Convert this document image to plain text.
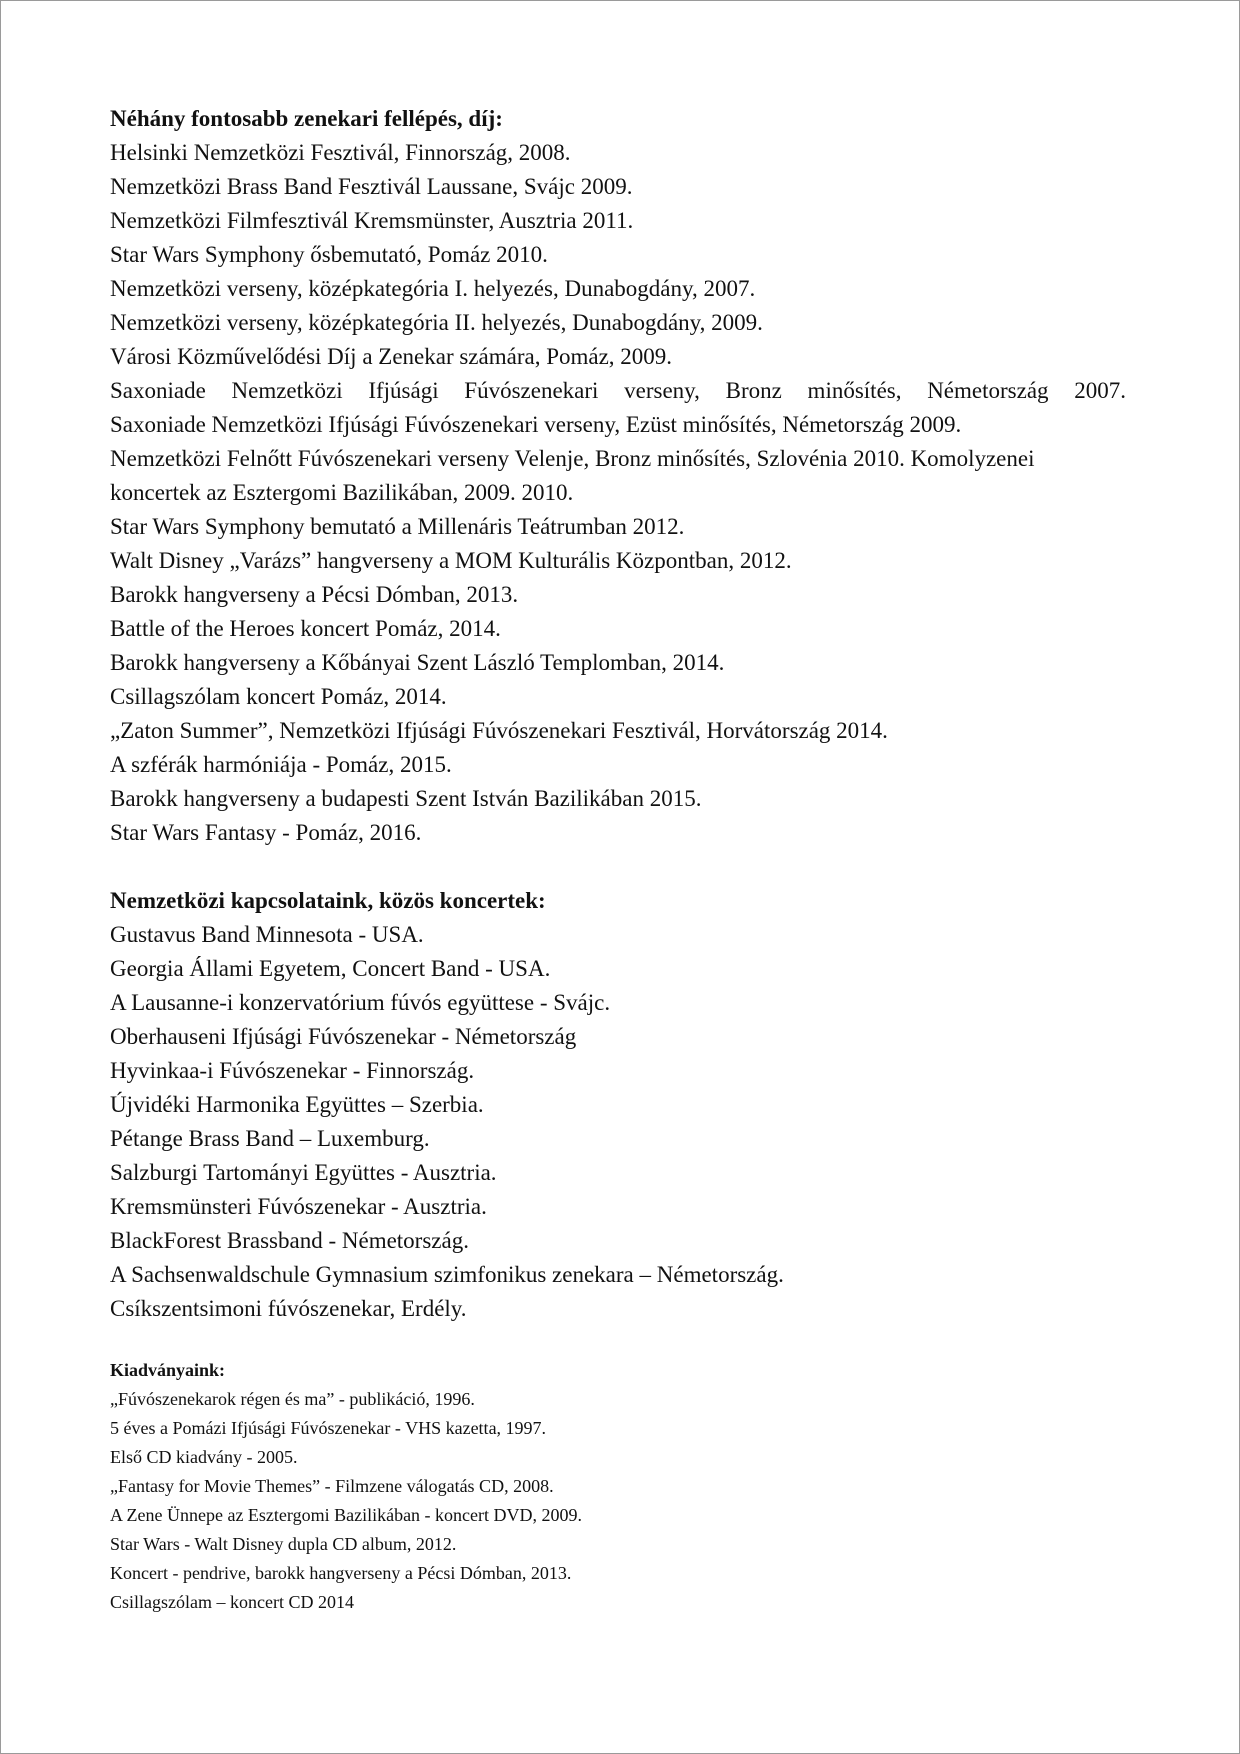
Néhány fontosabb zenekari fellépés, díj:
Helsinki Nemzetközi Fesztivál, Finnország, 2008.
Nemzetközi Brass Band Fesztivál Laussane, Svájc 2009.
Nemzetközi Filmfesztivál Kremsmünster, Ausztria 2011.
Star Wars Symphony ősbemutató, Pomáz 2010.
Nemzetközi verseny, középkategória I. helyezés, Dunabogdány, 2007.
Nemzetközi verseny, középkategória II. helyezés, Dunabogdány, 2009.
Városi Közművelődési Díj a Zenekar számára, Pomáz, 2009.
Saxoniade Nemzetközi Ifjúsági Fúvószenekari verseny, Bronz minősítés, Németország 2007.
Saxoniade Nemzetközi Ifjúsági Fúvószenekari verseny, Ezüst minősítés, Németország 2009.
Nemzetközi Felnőtt Fúvószenekari verseny Velenje, Bronz minősítés, Szlovénia 2010. Komolyzenei koncertek az Esztergomi Bazilikában, 2009. 2010.
Star Wars Symphony bemutató a Millenáris Teátrumban 2012.
Walt Disney „Varázs” hangverseny a MOM Kulturális Központban, 2012.
Barokk hangverseny a Pécsi Dómban, 2013.
Battle of the Heroes koncert Pomáz, 2014.
Barokk hangverseny a Kőbányai Szent László Templomban, 2014.
Csillagszólam koncert Pomáz, 2014.
„Zaton Summer”, Nemzetközi Ifjúsági Fúvószenekari Fesztivál, Horvátország 2014.
A szférák harmóniája - Pomáz, 2015.
Barokk hangverseny a budapesti Szent István Bazilikában 2015.
Star Wars Fantasy - Pomáz, 2016.
Nemzetközi kapcsolataink, közös koncertek:
Gustavus Band Minnesota - USA.
Georgia Állami Egyetem, Concert Band - USA.
A Lausanne-i konzervatórium fúvós együttese - Svájc.
Oberhauseni Ifjúsági Fúvószenekar - Németország
Hyvinkaa-i Fúvószenekar - Finnország.
Újvidéki Harmonika Együttes – Szerbia.
Pétange Brass Band – Luxemburg.
Salzburgi Tartományi Együttes - Ausztria.
Kremsmünsteri Fúvószenekar - Ausztria.
BlackForest Brassband - Németország.
A Sachsenwaldschule Gymnasium szimfonikus zenekara – Németország.
Csíkszentsimoni fúvószenekar, Erdély.
Kiadványaink:
„Fúvószenekarok régen és ma” - publikáció, 1996.
5 éves a Pomázi Ifjúsági Fúvószenekar - VHS kazetta, 1997.
Első CD kiadvány - 2005.
„Fantasy for Movie Themes” - Filmzene válogatás CD, 2008.
A Zene Ünnepe az Esztergomi Bazilikában - koncert DVD, 2009.
Star Wars - Walt Disney dupla CD album, 2012.
Koncert - pendrive, barokk hangverseny a Pécsi Dómban, 2013.
Csillagszólam – koncert CD 2014
